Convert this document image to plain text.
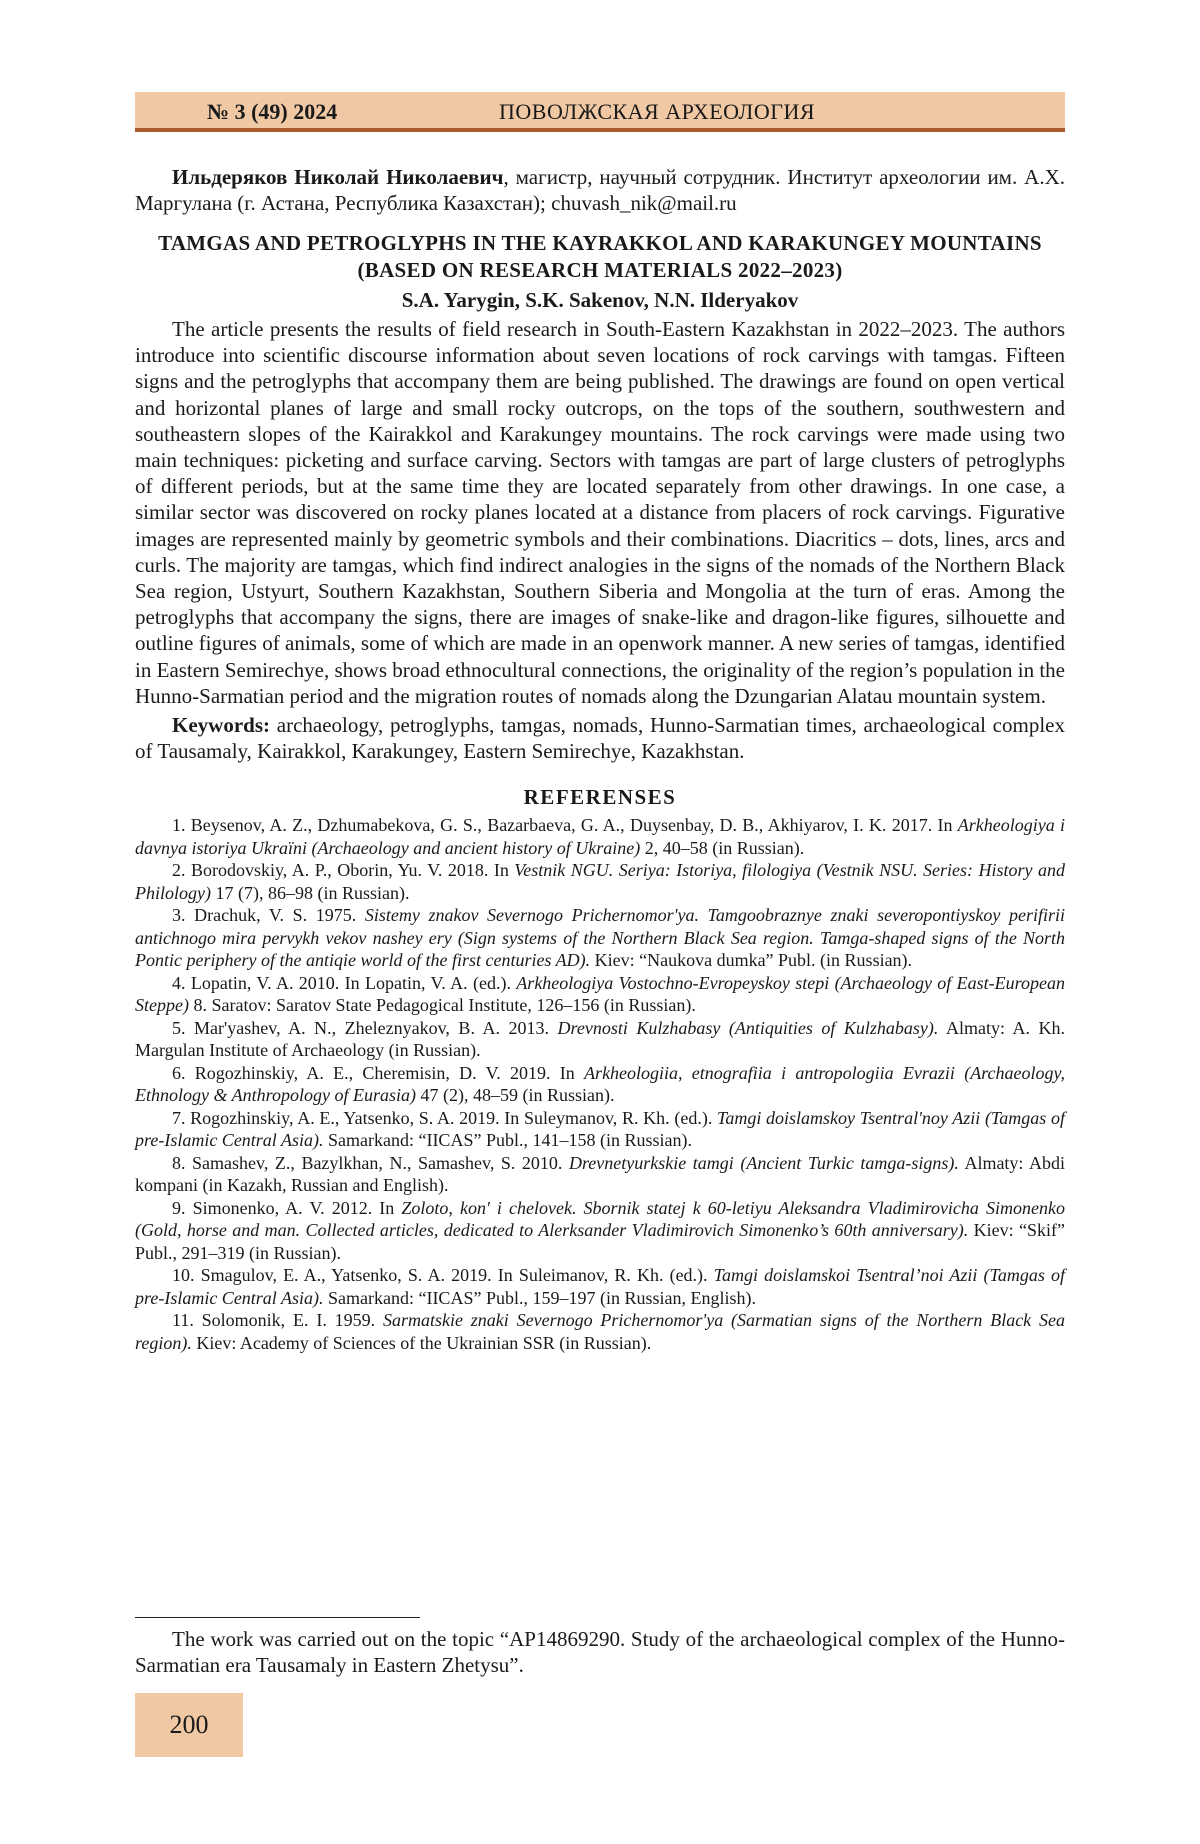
№ 3 (49) 2024	ПОВОЛЖСКАЯ АРХЕОЛОГИЯ

Ильдеряков Николай Николаевич, магистр, научный сотрудник. Институт археологии им. А.Х. Маргулана (г. Астана, Республика Казахстан); chuvash_nik@mail.ru

TAMGAS AND PETROGLYPHS IN THE KAYRAKKOL AND KARAKUNGEY MOUNTAINS (BASED ON RESEARCH MATERIALS 2022–2023)

S.A. Yarygin, S.K. Sakenov, N.N. Ilderyakov

The article presents the results of field research in South-Eastern Kazakhstan in 2022–2023. The authors introduce into scientific discourse information about seven locations of rock carvings with tamgas. Fifteen signs and the petroglyphs that accompany them are being published. The drawings are found on open vertical and horizontal planes of large and small rocky outcrops, on the tops of the southern, southwestern and southeastern slopes of the Kairakkol and Karakungey mountains. The rock carvings were made using two main techniques: picketing and surface carving. Sectors with tamgas are part of large clusters of petroglyphs of different periods, but at the same time they are located separately from other drawings. In one case, a similar sector was discovered on rocky planes located at a distance from placers of rock carvings. Figurative images are represented mainly by geometric symbols and their combinations. Diacritics – dots, lines, arcs and curls. The majority are tamgas, which find indirect analogies in the signs of the nomads of the Northern Black Sea region, Ustyurt, Southern Kazakhstan, Southern Siberia and Mongolia at the turn of eras. Among the petroglyphs that accompany the signs, there are images of snake-like and dragon-like figures, silhouette and outline figures of animals, some of which are made in an openwork manner. A new series of tamgas, identified in Eastern Semirechye, shows broad ethnocultural connections, the originality of the region’s population in the Hunno-Sarmatian period and the migration routes of nomads along the Dzungarian Alatau mountain system.

Keywords: archaeology, petroglyphs, tamgas, nomads, Hunno-Sarmatian times, archaeological complex of Tausamaly, Kairakkol, Karakungey, Eastern Semirechye, Kazakhstan.

REFERENSES

1. Beysenov, A. Z., Dzhumabekova, G. S., Bazarbaeva, G. A., Duysenbay, D. B., Akhiyarov, I. K. 2017. In Arkheologiya i davnya istoriya Ukraïni (Archaeology and ancient history of Ukraine) 2, 40–58 (in Russian).

2. Borodovskiy, A. P., Oborin, Yu. V. 2018. In Vestnik NGU. Seriya: Istoriya, filologiya (Vestnik NSU. Series: History and Philology) 17 (7), 86–98 (in Russian).

3. Drachuk, V. S. 1975. Sistemy znakov Severnogo Prichernomor'ya. Tamgoobraznye znaki severopontiyskoy perifirii antichnogo mira pervykh vekov nashey ery (Sign systems of the Northern Black Sea region. Tamga-shaped signs of the North Pontic periphery of the antiqie world of the first centuries AD). Kiev: “Naukova dumka” Publ. (in Russian).

4. Lopatin, V. A. 2010. In Lopatin, V. A. (ed.). Arkheologiya Vostochno-Evropeyskoy stepi (Archaeology of East-European Steppe) 8. Saratov: Saratov State Pedagogical Institute, 126–156 (in Russian).

5. Mar'yashev, A. N., Zheleznyakov, B. A. 2013. Drevnosti Kulzhabasy (Antiquities of Kulzhabasy). Almaty: A. Kh. Margulan Institute of Archaeology (in Russian).

6. Rogozhinskiy, A. E., Cheremisin, D. V. 2019. In Arkheologiia, etnografiia i antropologiia Evrazii (Archaeology, Ethnology & Anthropology of Eurasia) 47 (2), 48–59 (in Russian).

7. Rogozhinskiy, A. E., Yatsenko, S. A. 2019. In Suleymanov, R. Kh. (ed.). Tamgi doislamskoy Tsentral'noy Azii (Tamgas of pre-Islamic Central Asia). Samarkand: “IICAS” Publ., 141–158 (in Russian).

8. Samashev, Z., Bazylkhan, N., Samashev, S. 2010. Drevnetyurkskie tamgi (Ancient Turkic tamga-signs). Almaty: Abdi kompani (in Kazakh, Russian and English).

9. Simonenko, A. V. 2012. In Zoloto, kon' i chelovek. Sbornik statej k 60-letiyu Aleksandra Vladimirovicha Simonenko (Gold, horse and man. Collected articles, dedicated to Alerksander Vladimirovich Simonenko’s 60th anniversary). Kiev: “Skif” Publ., 291–319 (in Russian).

10. Smagulov, E. A., Yatsenko, S. A. 2019. In Suleimanov, R. Kh. (ed.). Tamgi doislamskoi Tsentral’noi Azii (Tamgas of pre-Islamic Central Asia). Samarkand: “IICAS” Publ., 159–197 (in Russian, English).

11. Solomonik, E. I. 1959. Sarmatskie znaki Severnogo Prichernomor'ya (Sarmatian signs of the Northern Black Sea region). Kiev: Academy of Sciences of the Ukrainian SSR (in Russian).

The work was carried out on the topic “AP14869290. Study of the archaeological complex of the Hunno-Sarmatian era Tausamaly in Eastern Zhetysu”.

200
